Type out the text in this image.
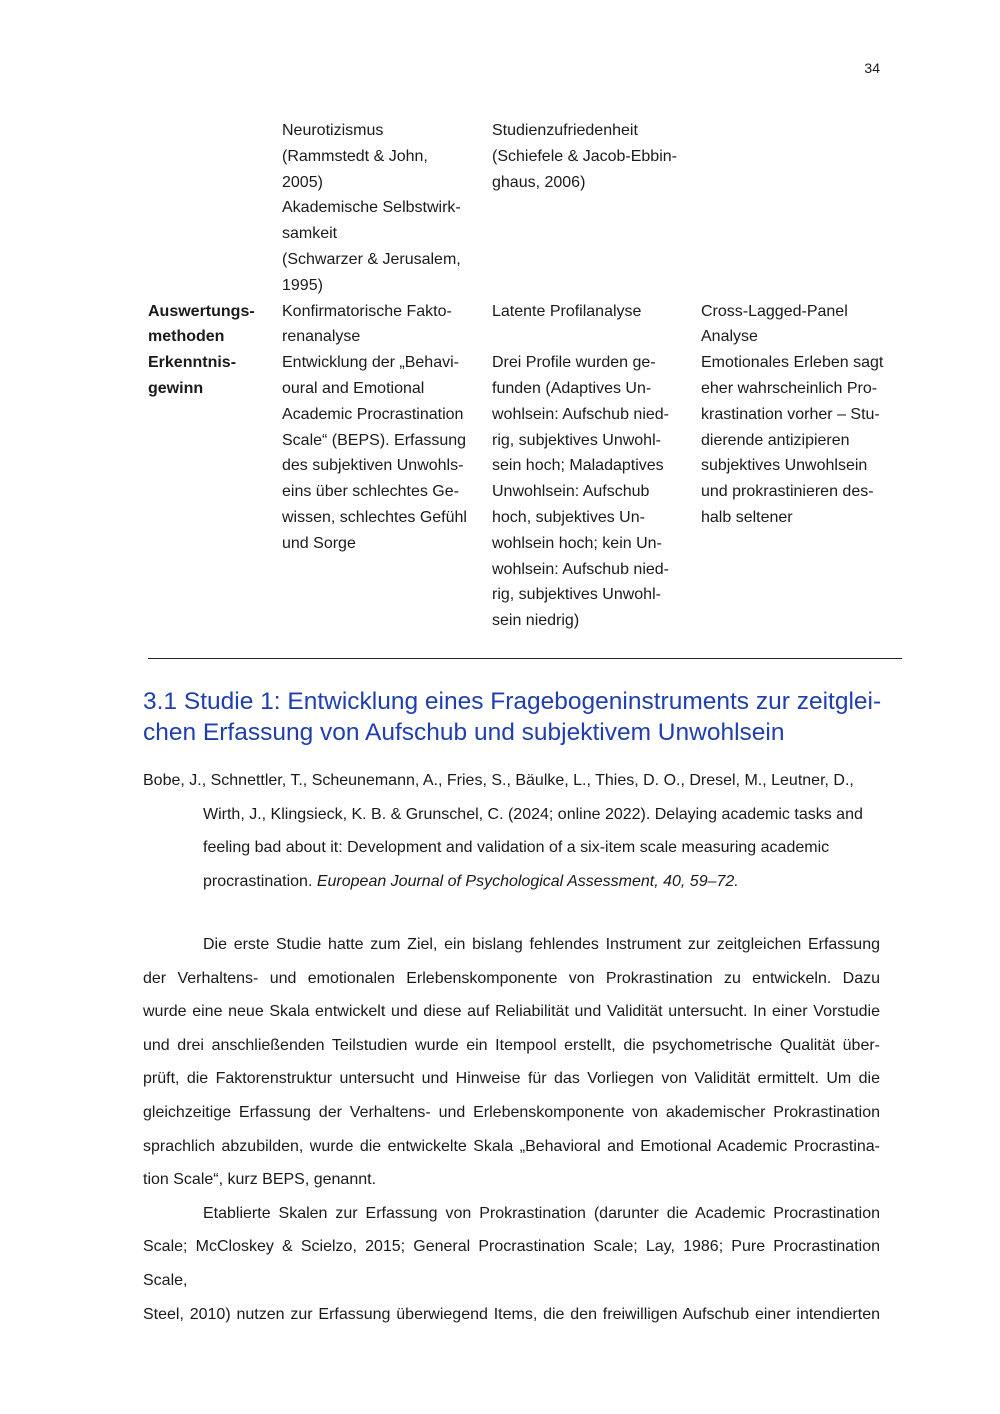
34
Neurotizismus
(Rammstedt & John,
2005)
Akademische Selbstwirk-
samkeit
(Schwarzer & Jerusalem,
1995)
Studienzufriedenheit
(Schiefele & Jacob-Ebbin-
ghaus, 2006)
Auswertungs-
methoden
Konfirmatorische Fakto-
renanalyse
Latente Profilanalyse	Cross-Lagged-Panel
Analyse
Erkenntnis-
gewinn
Entwicklung der „Behavi-
oural and Emotional
Academic Procrastination
Scale“ (BEPS). Erfassung
des subjektiven Unwohls-
eins über schlechtes Ge-
wissen, schlechtes Gefühl
und Sorge
Drei Profile wurden ge-
funden (Adaptives Un-
wohlsein: Aufschub nied-
rig, subjektives Unwohl-
sein hoch; Maladaptives
Unwohlsein: Aufschub
hoch, subjektives Un-
wohlsein hoch; kein Un-
wohlsein: Aufschub nied-
rig, subjektives Unwohl-
sein niedrig)
Emotionales Erleben sagt
eher wahrscheinlich Pro-
krastination vorher – Stu-
dierende antizipieren
subjektives Unwohlsein
und prokrastinieren des-
halb seltener
3.1 Studie 1: Entwicklung eines Fragebogeninstruments zur zeitglei-
chen Erfassung von Aufschub und subjektivem Unwohlsein
Bobe, J., Schnettler, T., Scheunemann, A., Fries, S., Bäulke, L., Thies, D. O., Dresel, M., Leutner, D.,
Wirth, J., Klingsieck, K. B. & Grunschel, C. (2024; online 2022). Delaying academic tasks and
feeling bad about it: Development and validation of a six-item scale measuring academic
procrastination. European Journal of Psychological Assessment, 40, 59–72.
Die erste Studie hatte zum Ziel, ein bislang fehlendes Instrument zur zeitgleichen Erfassung
der Verhaltens- und emotionalen Erlebenskomponente von Prokrastination zu entwickeln. Dazu
wurde eine neue Skala entwickelt und diese auf Reliabilität und Validität untersucht. In einer Vorstudie
und drei anschließenden Teilstudien wurde ein Itempool erstellt, die psychometrische Qualität über-
prüft, die Faktorenstruktur untersucht und Hinweise für das Vorliegen von Validität ermittelt. Um die
gleichzeitige Erfassung der Verhaltens- und Erlebenskomponente von akademischer Prokrastination
sprachlich abzubilden, wurde die entwickelte Skala „Behavioral and Emotional Academic Procrastina-
tion Scale“, kurz BEPS, genannt.
Etablierte Skalen zur Erfassung von Prokrastination (darunter die Academic Procrastination
Scale; McCloskey & Scielzo, 2015; General Procrastination Scale; Lay, 1986; Pure Procrastination Scale,
Steel, 2010) nutzen zur Erfassung überwiegend Items, die den freiwilligen Aufschub einer intendierten
